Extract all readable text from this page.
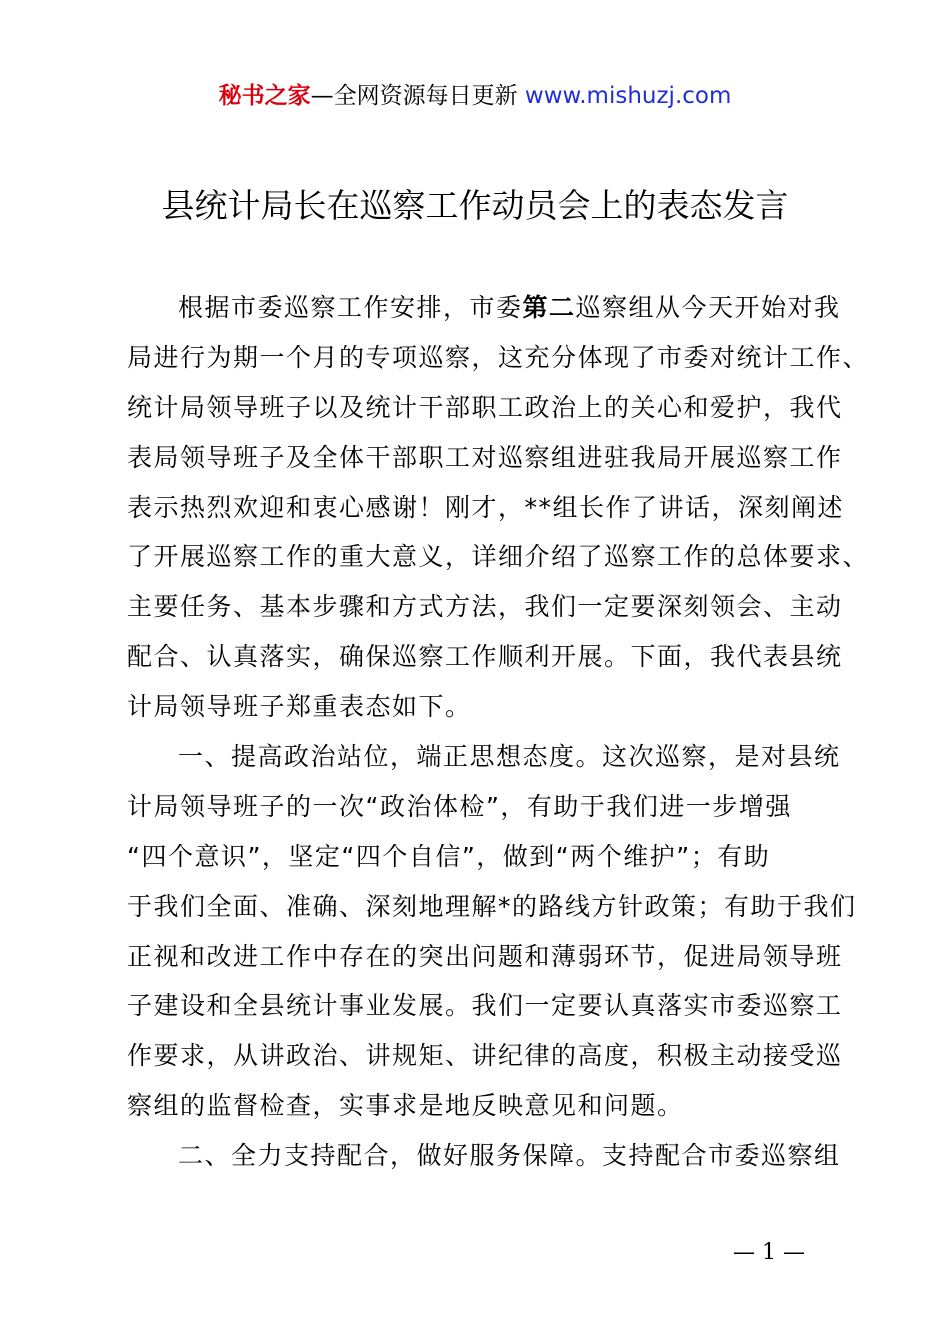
秘书之家—全网资源每日更新 www.mishuzj.com
县统计局长在巡察工作动员会上的表态发言
根据市委巡察工作安排，市委第二巡察组从今天开始对我
局进行为期一个月的专项巡察，这充分体现了市委对统计工作、
统计局领导班子以及统计干部职工政治上的关心和爱护，我代
表局领导班子及全体干部职工对巡察组进驻我局开展巡察工作
表示热烈欢迎和衷心感谢！刚才，**组长作了讲话，深刻阐述
了开展巡察工作的重大意义，详细介绍了巡察工作的总体要求、
主要任务、基本步骤和方式方法，我们一定要深刻领会、主动
配合、认真落实，确保巡察工作顺利开展。下面，我代表县统
计局领导班子郑重表态如下。
一、提高政治站位，端正思想态度。这次巡察，是对县统
计局领导班子的一次“政治体检”，有助于我们进一步增强
“四个意识”，坚定“四个自信”，做到“两个维护”；有助
于我们全面、准确、深刻地理解*的路线方针政策；有助于我们
正视和改进工作中存在的突出问题和薄弱环节，促进局领导班
子建设和全县统计事业发展。我们一定要认真落实市委巡察工
作要求，从讲政治、讲规矩、讲纪律的高度，积极主动接受巡
察组的监督检查，实事求是地反映意见和问题。
二、全力支持配合，做好服务保障。支持配合市委巡察组
— 1 —
